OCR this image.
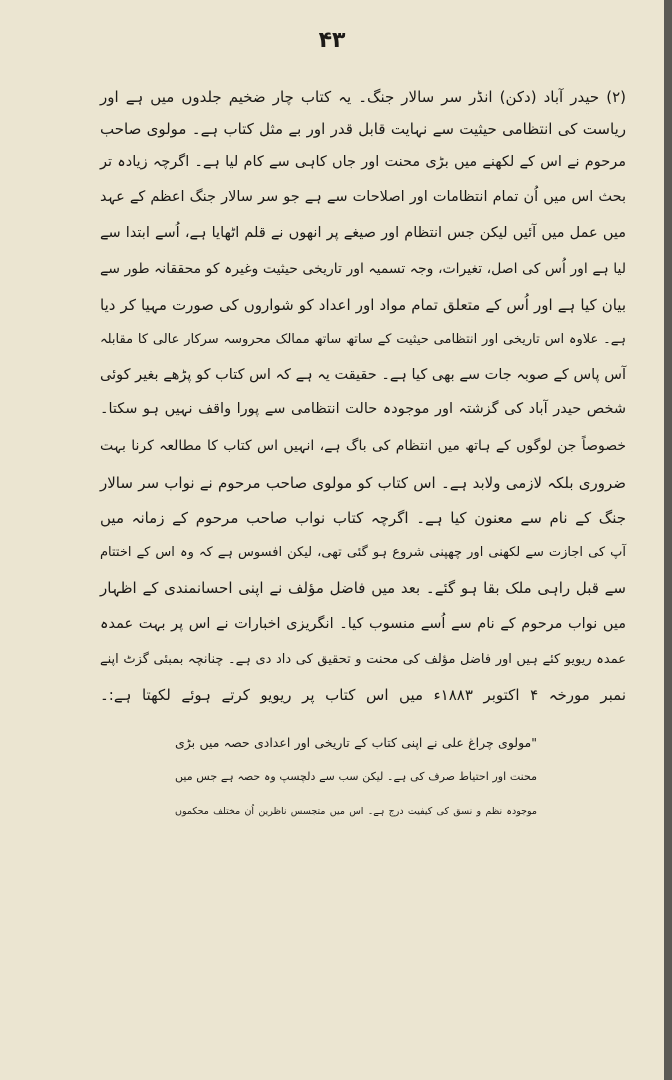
۴۳
(۲) حیدر آباد (دکن) انڈر سر سالار جنگ۔ یہ کتاب چار ضخیم جلدوں میں ہے اور
ریاست کی انتظامی حیثیت سے نہایت قابل قدر اور بے مثل کتاب ہے۔ مولوی صاحب
مرحوم نے اس کے لکھنے میں بڑی محنت اور جاں کاہی سے کام لیا ہے۔ اگرچہ زیادہ تر
بحث اس میں اُن تمام انتظامات اور اصلاحات سے ہے جو سر سالار جنگ اعظم کے عہد
میں عمل میں آئیں لیکن جس انتظام اور صیغے پر انھوں نے قلم اٹھایا ہے، اُسے ابتدا سے
لیا ہے اور اُس کی اصل، تغیرات، وجہ تسمیہ اور تاریخی حیثیت وغیرہ کو محققانہ طور سے
بیان کیا ہے اور اُس کے متعلق تمام مواد اور اعداد کو شواروں کی صورت مہیا کر دیا
ہے۔ علاوہ اس تاریخی اور انتظامی حیثیت کے ساتھ ساتھ ممالک محروسہ سرکار عالی کا مقابلہ
آس پاس کے صوبہ جات سے بھی کیا ہے۔ حقیقت یہ ہے کہ اس کتاب کو پڑھے بغیر کوئی
شخص حیدر آباد کی گزشتہ اور موجودہ حالت انتظامی سے پورا واقف نہیں ہو سکتا۔
خصوصاً جن لوگوں کے ہاتھ میں انتظام کی باگ ہے، انہیں اس کتاب کا مطالعہ کرنا بہت
ضروری بلکہ لازمی ولابد ہے۔ اس کتاب کو مولوی صاحب مرحوم نے نواب سر سالار
جنگ کے نام سے معنون کیا ہے۔ اگرچہ کتاب نواب صاحب مرحوم کے زمانہ میں
آپ کی اجازت سے لکھنی اور چھپنی شروع ہو گئی تھی، لیکن افسوس ہے کہ وہ اس کے اختتام
سے قبل راہی ملک بقا ہو گئے۔ بعد میں فاضل مؤلف نے اپنی احسانمندی کے اظہار
میں نواب مرحوم کے نام سے اُسے منسوب کیا۔ انگریزی اخبارات نے اس پر بہت عمدہ
عمدہ ریویو کئے ہیں اور فاضل مؤلف کی محنت و تحقیق کی داد دی ہے۔ چنانچہ بمبئی گزٹ اپنے
نمبر مورخہ ۴ اکتوبر ۱۸۸۳ء میں اس کتاب پر ریویو کرتے ہوئے لکھتا ہے:۔
"مولوی چراغ علی نے اپنی کتاب کے تاریخی اور اعدادی حصہ میں بڑی
محنت اور احتیاط صرف کی ہے۔ لیکن سب سے دلچسپ وہ حصہ ہے جس میں
موجودہ نظم و نسق کی کیفیت درج ہے۔ اس میں متجسس ناظرین اُن مختلف محکموں
